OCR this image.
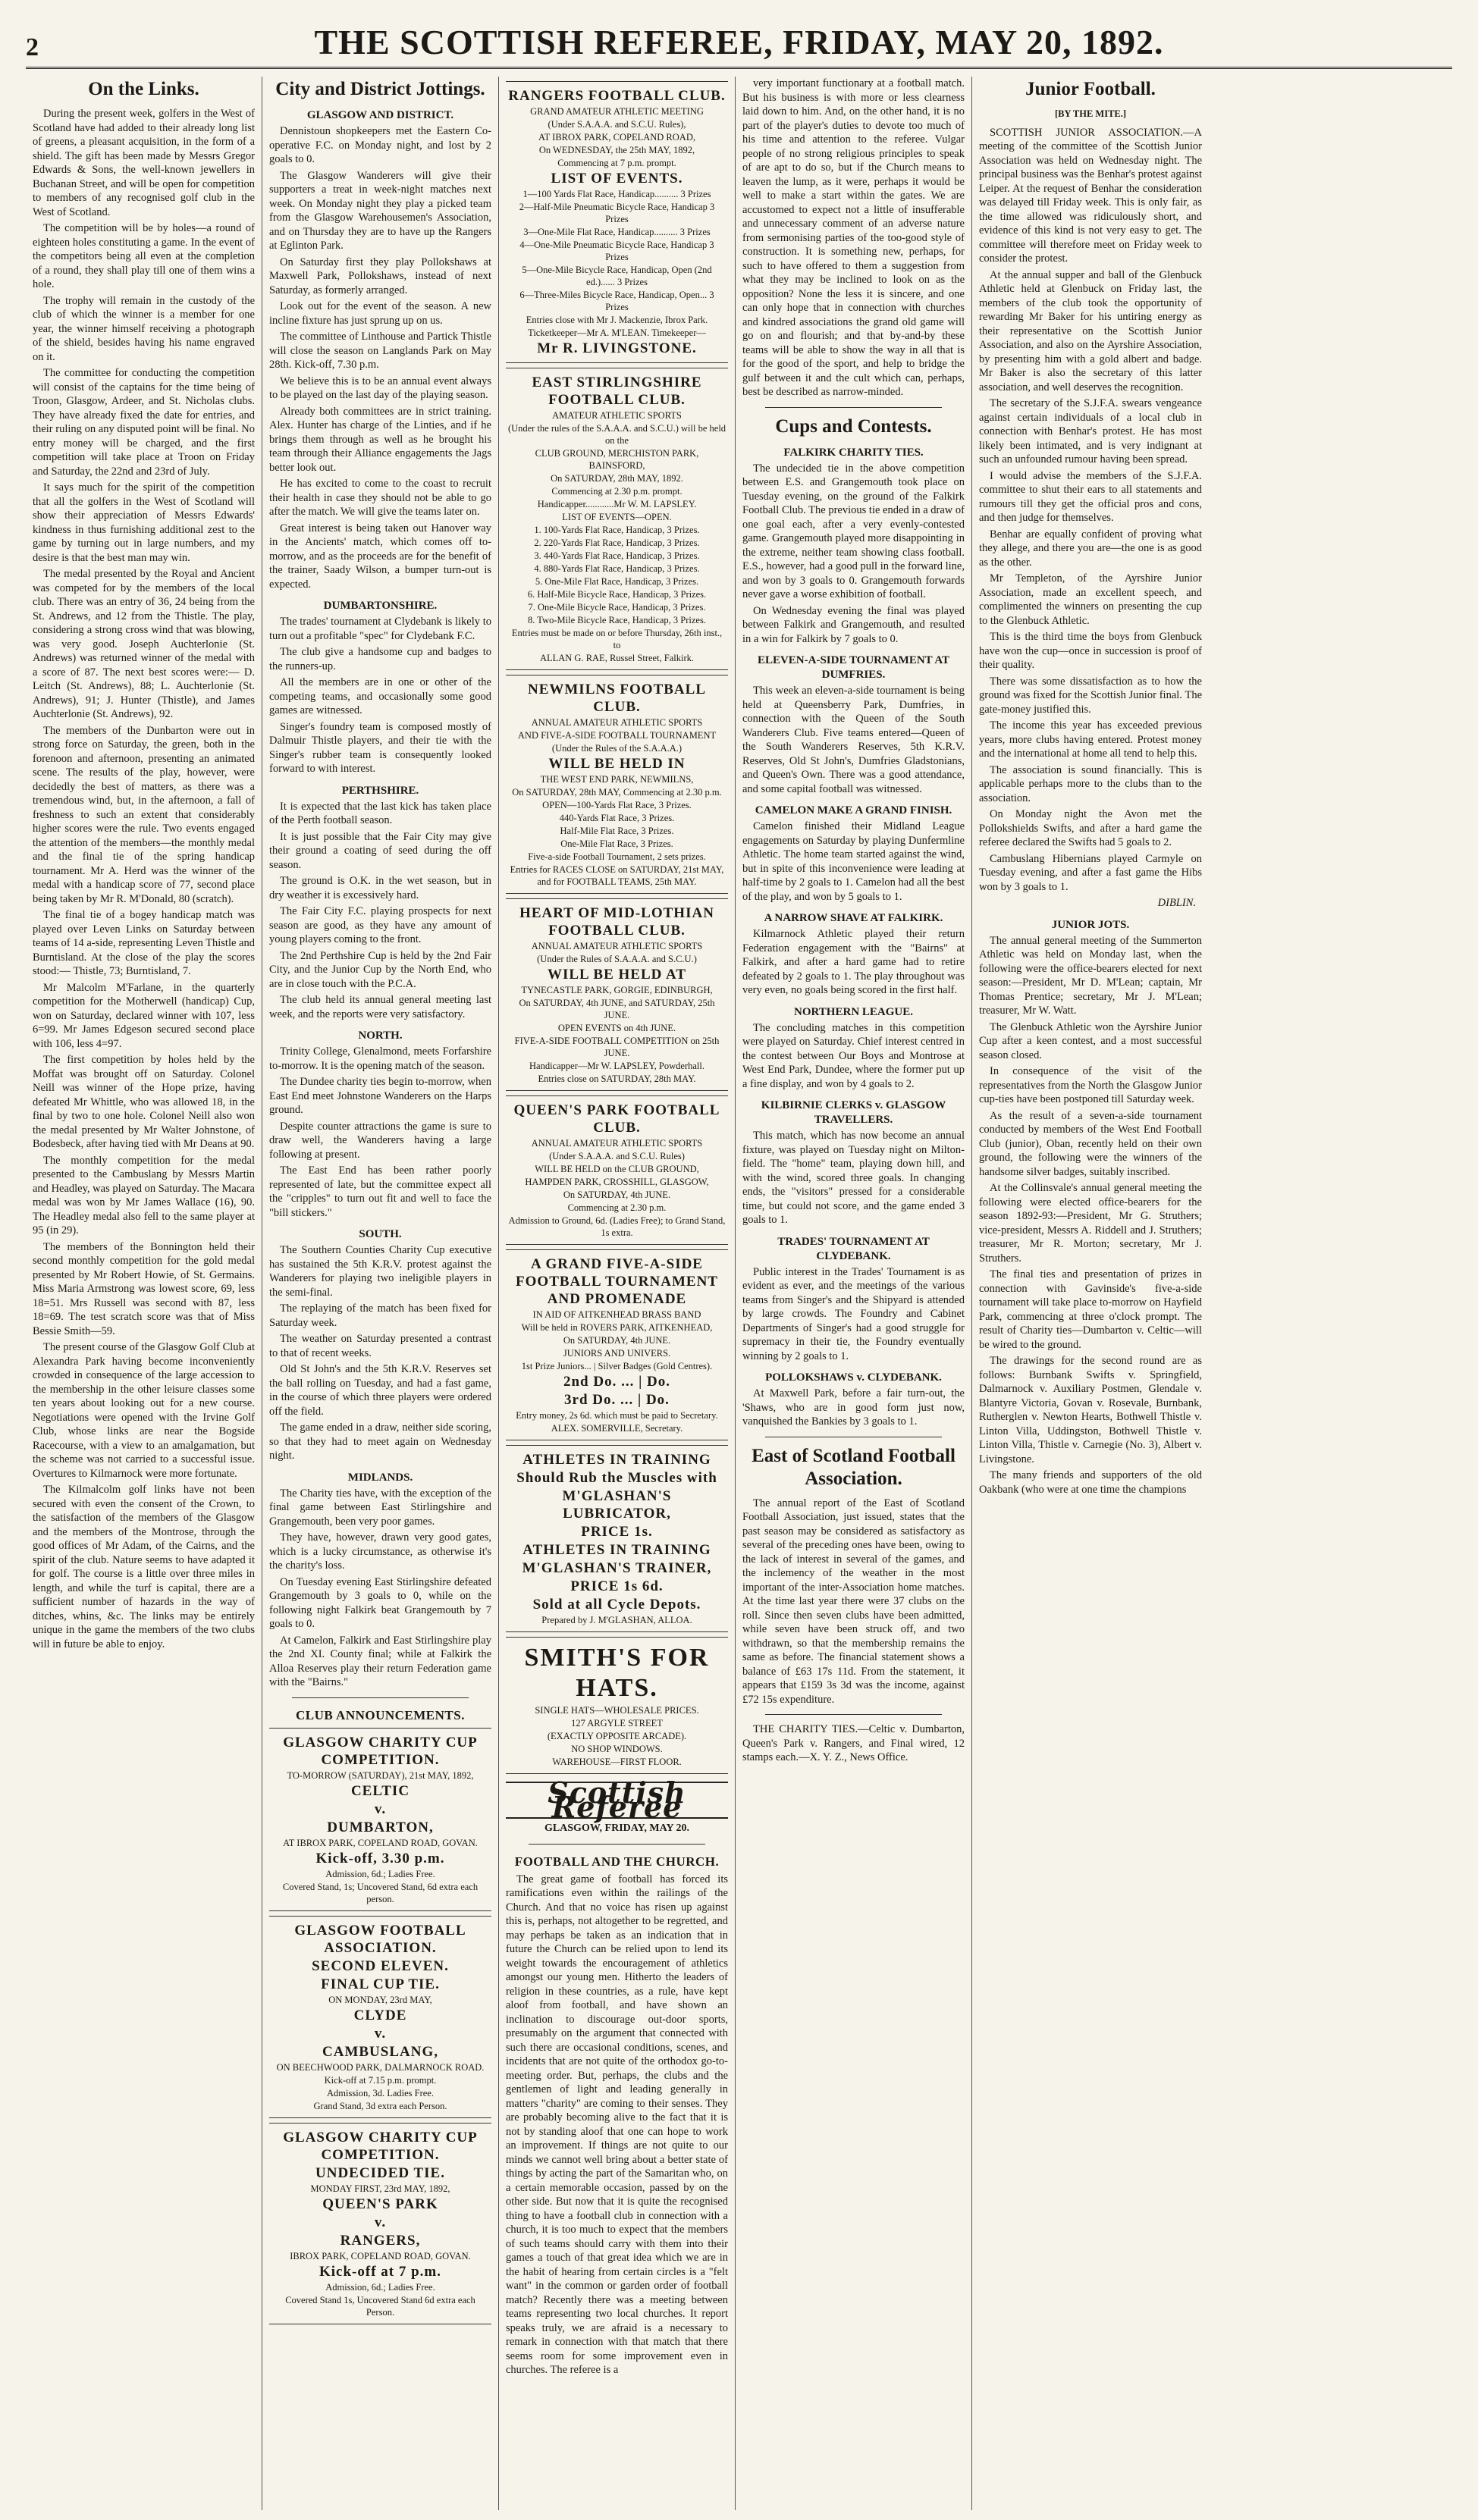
2	THE SCOTTISH REFEREE, FRIDAY, MAY 20, 1892.
On the Links.

During the present week, golfers in the West of Scotland have had added to their already long list of greens, a pleasant acquisition, in the form of a shield. The gift has been made by Messrs Gregor Edwards & Sons, the well-known jewellers in Buchanan Street, and will be open for competition to members of any recognised golf club in the West of Scotland.

The competition will be by holes—a round of eighteen holes constituting a game. In the event of the competitors being all even at the completion of a round, they shall play till one of them wins a hole.

The trophy will remain in the custody of the club of which the winner is a member for one year, the winner himself receiving a photograph of the shield, besides having his name engraved on it.

The committee for conducting the competition will consist of the captains for the time being of Troon, Glasgow, Ardeer, and St. Nicholas clubs. They have already fixed the date for entries, and their ruling on any disputed point will be final. No entry money will be charged, and the first competition will take place at Troon on Friday and Saturday, the 22nd and 23rd of July.

It says much for the spirit of the competition that all the golfers in the West of Scotland will show their appreciation of Messrs Edwards' kindness in thus furnishing additional zest to the game by turning out in large numbers, and my desire is that the best man may win.

The medal presented by the Royal and Ancient was competed for by the members of the local club. There was an entry of 36, 24 being from the St. Andrews, and 12 from the Thistle. The play, considering a strong cross wind that was blowing, was very good. Joseph Auchterlonie (St. Andrews) was returned winner of the medal with a score of 87. The next best scores were:— D. Leitch (St. Andrews), 88; L. Auchterlonie (St. Andrews), 91; J. Hunter (Thistle), and James Auchterlonie (St. Andrews), 92.

The members of the Dunbarton were out in strong force on Saturday, the green, both in the forenoon and afternoon, presenting an animated scene. The results of the play, however, were decidedly the best of matters, as there was a tremendous wind, but, in the afternoon, a fall of freshness to such an extent that considerably higher scores were the rule. Two events engaged the attention of the members—the monthly medal and the final tie of the spring handicap tournament. Mr A. Herd was the winner of the medal with a handicap score of 77, second place being taken by Mr R. M'Donald, 80 (scratch).

The final tie of a bogey handicap match was played over Leven Links on Saturday between teams of 14 a-side, representing Leven Thistle and Burntisland. At the close of the play the scores stood:— Thistle, 73; Burntisland, 7.

Mr Malcolm M'Farlane, in the quarterly competition for the Motherwell (handicap) Cup, won on Saturday, declared winner with 107, less 6=99. Mr James Edgeson secured second place with 106, less 4=97.

The first competition by holes held by the Moffat was brought off on Saturday. Colonel Neill was winner of the Hope prize, having defeated Mr Whittle, who was allowed 18, in the final by two to one hole. Colonel Neill also won the medal presented by Mr Walter Johnstone, of Bodesbeck, after having tied with Mr Deans at 90.

The monthly competition for the medal presented to the Cambuslang by Messrs Martin and Headley, was played on Saturday. The Macara medal was won by Mr James Wallace (16), 90. The Headley medal also fell to the same player at 95 (in 29).

The members of the Bonnington held their second monthly competition for the gold medal presented by Mr Robert Howie, of St. Germains. Miss Maria Armstrong was lowest score, 69, less 18=51. Mrs Russell was second with 87, less 18=69. The test scratch score was that of Miss Bessie Smith—59.

The present course of the Glasgow Golf Club at Alexandra Park having become inconveniently crowded in consequence of the large accession to the membership in the other leisure classes some ten years about looking out for a new course. Negotiations were opened with the Irvine Golf Club, whose links are near the Bogside Racecourse, with a view to an amalgamation, but the scheme was not carried to a successful issue. Overtures to Kilmarnock were more fortunate.

The Kilmalcolm golf links have not been secured with even the consent of the Crown, to the satisfaction of the members of the Glasgow and the members of the Montrose, through the good offices of Mr Adam, of the Cairns, and the spirit of the club. Nature seems to have adapted it for golf. The course is a little over three miles in length, and while the turf is capital, there are a sufficient number of hazards in the way of ditches, whins, &c. The links may be entirely unique in the game the members of the two clubs will in future be able to enjoy.

City and District Jottings.
GLASGOW AND DISTRICT.

Dennistoun shopkeepers met the Eastern Co-operative F.C. on Monday night, and lost by 2 goals to 0.

The Glasgow Wanderers will give their supporters a treat in week-night matches next week. On Monday night they play a picked team from the Glasgow Warehousemen's Association, and on Thursday they are to have up the Rangers at Eglinton Park.

On Saturday first they play Pollokshaws at Maxwell Park, Pollokshaws, instead of next Saturday, as formerly arranged.

Look out for the event of the season. A new incline fixture has just sprung up on us.

The committee of Linthouse and Partick Thistle will close the season on Langlands Park on May 28th. Kick-off, 7.30 p.m.

We believe this is to be an annual event always to be played on the last day of the playing season.

Already both committees are in strict training. Alex. Hunter has charge of the Linties, and if he brings them through as well as he brought his team through their Alliance engagements the Jags better look out.

He has excited to come to the coast to recruit their health in case they should not be able to go after the match. We will give the teams later on.

Great interest is being taken out Hanover way in the Ancients' match, which comes off to-morrow, and as the proceeds are for the benefit of the trainer, Saady Wilson, a bumper turn-out is expected.

DUMBARTONSHIRE.

The trades' tournament at Clydebank is likely to turn out a profitable "spec" for Clydebank F.C.

The club give a handsome cup and badges to the runners-up.

All the members are in one or other of the competing teams, and occasionally some good games are witnessed.

Singer's foundry team is composed mostly of Dalmuir Thistle players, and their tie with the Singer's rubber team is consequently looked forward to with interest.

PERTHSHIRE.

It is expected that the last kick has taken place of the Perth football season.

It is just possible that the Fair City may give their ground a coating of seed during the off season.

The ground is O.K. in the wet season, but in dry weather it is excessively hard.

The Fair City F.C. playing prospects for next season are good, as they have any amount of young players coming to the front.

The 2nd Perthshire Cup is held by the 2nd Fair City, and the Junior Cup by the North End, who are in close touch with the P.C.A.

The club held its annual general meeting last week, and the reports were very satisfactory.

NORTH.

Trinity College, Glenalmond, meets Forfarshire to-morrow. It is the opening match of the season.

The Dundee charity ties begin to-morrow, when East End meet Johnstone Wanderers on the Harps ground.

Despite counter attractions the game is sure to draw well, the Wanderers having a large following at present.

The East End has been rather poorly represented of late, but the committee expect all the "cripples" to turn out fit and well to face the "bill stickers."

SOUTH.

The Southern Counties Charity Cup executive has sustained the 5th K.R.V. protest against the Wanderers for playing two ineligible players in the semi-final.

The replaying of the match has been fixed for Saturday week.

The weather on Saturday presented a contrast to that of recent weeks.

Old St John's and the 5th K.R.V. Reserves set the ball rolling on Tuesday, and had a fast game, in the course of which three players were ordered off the field.

The game ended in a draw, neither side scoring, so that they had to meet again on Wednesday night.

MIDLANDS.

The Charity ties have, with the exception of the final game between East Stirlingshire and Grangemouth, been very poor games.

They have, however, drawn very good gates, which is a lucky circumstance, as otherwise it's the charity's loss.

On Tuesday evening East Stirlingshire defeated Grangemouth by 3 goals to 0, while on the following night Falkirk beat Grangemouth by 7 goals to 0.

At Camelon, Falkirk and East Stirlingshire play the 2nd XI. County final; while at Falkirk the Alloa Reserves play their return Federation game with the "Bairns."

CLUB ANNOUNCEMENTS.

GLASGOW CHARITY CUP COMPETITION.

TO-MORROW (SATURDAY), 21st MAY, 1892,

CELTIC

v.

DUMBARTON,

AT IBROX PARK, COPELAND ROAD, GOVAN.

Kick-off, 3.30 p.m.

Admission, 6d.; Ladies Free.

Covered Stand, 1s; Uncovered Stand, 6d extra each person.

GLASGOW FOOTBALL ASSOCIATION.

SECOND ELEVEN.

FINAL CUP TIE.

ON MONDAY, 23rd MAY,

CLYDE

v.

CAMBUSLANG,

ON BEECHWOOD PARK, DALMARNOCK ROAD.

Kick-off at 7.15 p.m. prompt.

Admission, 3d. Ladies Free.

Grand Stand, 3d extra each Person.

GLASGOW CHARITY CUP COMPETITION.

UNDECIDED TIE.

MONDAY FIRST, 23rd MAY, 1892,

QUEEN'S PARK

v.

RANGERS,

IBROX PARK, COPELAND ROAD, GOVAN.

Kick-off at 7 p.m.

Admission, 6d.; Ladies Free.

Covered Stand 1s, Uncovered Stand 6d extra each Person.

RANGERS FOOTBALL CLUB.

GRAND AMATEUR ATHLETIC MEETING

(Under S.A.A.A. and S.C.U. Rules),

AT IBROX PARK, COPELAND ROAD,

On WEDNESDAY, the 25th MAY, 1892,

Commencing at 7 p.m. prompt.

LIST OF EVENTS.

1—100 Yards Flat Race, Handicap.......... 3 Prizes

2—Half-Mile Pneumatic Bicycle Race, Handicap 3 Prizes

3—One-Mile Flat Race, Handicap.......... 3 Prizes

4—One-Mile Pneumatic Bicycle Race, Handicap 3 Prizes

5—One-Mile Bicycle Race, Handicap, Open (2nd ed.)...... 3 Prizes

6—Three-Miles Bicycle Race, Handicap, Open... 3 Prizes

Entries close with Mr J. Mackenzie, Ibrox Park.

Ticketkeeper—Mr A. M'LEAN. Timekeeper—

Mr R. LIVINGSTONE.

EAST STIRLINGSHIRE FOOTBALL CLUB.

AMATEUR ATHLETIC SPORTS

(Under the rules of the S.A.A.A. and S.C.U.) will be held on the

CLUB GROUND, MERCHISTON PARK, BAINSFORD,

On SATURDAY, 28th MAY, 1892.

Commencing at 2.30 p.m. prompt.

Handicapper............Mr W. M. LAPSLEY.

LIST OF EVENTS—OPEN.

1. 100-Yards Flat Race, Handicap, 3 Prizes.

2. 220-Yards Flat Race, Handicap, 3 Prizes.

3. 440-Yards Flat Race, Handicap, 3 Prizes.

4. 880-Yards Flat Race, Handicap, 3 Prizes.

5. One-Mile Flat Race, Handicap, 3 Prizes.

6. Half-Mile Bicycle Race, Handicap, 3 Prizes.

7. One-Mile Bicycle Race, Handicap, 3 Prizes.

8. Two-Mile Bicycle Race, Handicap, 3 Prizes.

Entries must be made on or before Thursday, 26th inst., to

ALLAN G. RAE, Russel Street, Falkirk.

NEWMILNS FOOTBALL CLUB.

ANNUAL AMATEUR ATHLETIC SPORTS

AND FIVE-A-SIDE FOOTBALL TOURNAMENT

(Under the Rules of the S.A.A.A.)

WILL BE HELD IN

THE WEST END PARK, NEWMILNS,

On SATURDAY, 28th MAY, Commencing at 2.30 p.m.

OPEN—100-Yards Flat Race, 3 Prizes.

440-Yards Flat Race, 3 Prizes.

Half-Mile Flat Race, 3 Prizes.

One-Mile Flat Race, 3 Prizes.

Five-a-side Football Tournament, 2 sets prizes.

Entries for RACES CLOSE on SATURDAY, 21st MAY, and for FOOTBALL TEAMS, 25th MAY.

HEART OF MID-LOTHIAN FOOTBALL CLUB.

ANNUAL AMATEUR ATHLETIC SPORTS

(Under the Rules of S.A.A.A. and S.C.U.)

WILL BE HELD AT

TYNECASTLE PARK, GORGIE, EDINBURGH,

On SATURDAY, 4th JUNE, and SATURDAY, 25th JUNE.

OPEN EVENTS on 4th JUNE.

FIVE-A-SIDE FOOTBALL COMPETITION on 25th JUNE.

Handicapper—Mr W. LAPSLEY, Powderhall.

Entries close on SATURDAY, 28th MAY.

QUEEN'S PARK FOOTBALL CLUB.

ANNUAL AMATEUR ATHLETIC SPORTS

(Under S.A.A.A. and S.C.U. Rules)

WILL BE HELD on the CLUB GROUND,

HAMPDEN PARK, CROSSHILL, GLASGOW,

On SATURDAY, 4th JUNE.

Commencing at 2.30 p.m.

Admission to Ground, 6d. (Ladies Free); to Grand Stand, 1s extra.

A GRAND FIVE-A-SIDE FOOTBALL TOURNAMENT AND PROMENADE

IN AID OF AITKENHEAD BRASS BAND

Will be held in ROVERS PARK, AITKENHEAD,

On SATURDAY, 4th JUNE.

JUNIORS AND UNIVERS.

1st Prize Juniors... | Silver Badges (Gold Centres).

2nd Do. ... | Do.

3rd Do. ... | Do.

Entry money, 2s 6d. which must be paid to Secretary.

ALEX. SOMERVILLE, Secretary.

ATHLETES IN TRAINING

Should Rub the Muscles with

M'GLASHAN'S LUBRICATOR,

PRICE 1s.

ATHLETES IN TRAINING

M'GLASHAN'S TRAINER,

PRICE 1s 6d.

Sold at all Cycle Depots.

Prepared by J. M'GLASHAN, ALLOA.

SMITH'S FOR HATS.

SINGLE HATS—WHOLESALE PRICES.

127 ARGYLE STREET

(EXACTLY OPPOSITE ARCADE).

NO SHOP WINDOWS.

WAREHOUSE—FIRST FLOOR.

Scottish Referee
GLASGOW, FRIDAY, MAY 20.
FOOTBALL AND THE CHURCH.

The great game of football has forced its ramifications even within the railings of the Church. And that no voice has risen up against this is, perhaps, not altogether to be regretted, and may perhaps be taken as an indication that in future the Church can be relied upon to lend its weight towards the encouragement of athletics amongst our young men. Hitherto the leaders of religion in these countries, as a rule, have kept aloof from football, and have shown an inclination to discourage out-door sports, presumably on the argument that connected with such there are occasional conditions, scenes, and incidents that are not quite of the orthodox go-to-meeting order. But, perhaps, the clubs and the gentlemen of light and leading generally in matters "charity" are coming to their senses. They are probably becoming alive to the fact that it is not by standing aloof that one can hope to work an improvement. If things are not quite to our minds we cannot well bring about a better state of things by acting the part of the Samaritan who, on a certain memorable occasion, passed by on the other side. But now that it is quite the recognised thing to have a football club in connection with a church, it is too much to expect that the members of such teams should carry with them into their games a touch of that great idea which we are in the habit of hearing from certain circles is a "felt want" in the common or garden order of football match? Recently there was a meeting between teams representing two local churches. It report speaks truly, we are afraid is a necessary to remark in connection with that match that there seems room for some improvement even in churches. The referee is a

very important functionary at a football match. But his business is with more or less clearness laid down to him. And, on the other hand, it is no part of the player's duties to devote too much of his time and attention to the referee. Vulgar people of no strong religious principles to speak of are apt to do so, but if the Church means to leaven the lump, as it were, perhaps it would be well to make a start within the gates. We are accustomed to expect not a little of insufferable and unnecessary comment of an adverse nature from sermonising parties of the too-good style of construction. It is something new, perhaps, for such to have offered to them a suggestion from what they may be inclined to look on as the opposition? None the less it is sincere, and one can only hope that in connection with churches and kindred associations the grand old game will go on and flourish; and that by-and-by these teams will be able to show the way in all that is for the good of the sport, and help to bridge the gulf between it and the cult which can, perhaps, best be described as narrow-minded.

Cups and Contests.
FALKIRK CHARITY TIES.

The undecided tie in the above competition between E.S. and Grangemouth took place on Tuesday evening, on the ground of the Falkirk Football Club. The previous tie ended in a draw of one goal each, after a very evenly-contested game. Grangemouth played more disappointing in the extreme, neither team showing class football. E.S., however, had a good pull in the forward line, and won by 3 goals to 0. Grangemouth forwards never gave a worse exhibition of football.

On Wednesday evening the final was played between Falkirk and Grangemouth, and resulted in a win for Falkirk by 7 goals to 0.

ELEVEN-A-SIDE TOURNAMENT AT DUMFRIES.

This week an eleven-a-side tournament is being held at Queensberry Park, Dumfries, in connection with the Queen of the South Wanderers Club. Five teams entered—Queen of the South Wanderers Reserves, 5th K.R.V. Reserves, Old St John's, Dumfries Gladstonians, and Queen's Own. There was a good attendance, and some capital football was witnessed.

CAMELON MAKE A GRAND FINISH.

Camelon finished their Midland League engagements on Saturday by playing Dunfermline Athletic. The home team started against the wind, but in spite of this inconvenience were leading at half-time by 2 goals to 1. Camelon had all the best of the play, and won by 5 goals to 1.

A NARROW SHAVE AT FALKIRK.

Kilmarnock Athletic played their return Federation engagement with the "Bairns" at Falkirk, and after a hard game had to retire defeated by 2 goals to 1. The play throughout was very even, no goals being scored in the first half.

NORTHERN LEAGUE.

The concluding matches in this competition were played on Saturday. Chief interest centred in the contest between Our Boys and Montrose at West End Park, Dundee, where the former put up a fine display, and won by 4 goals to 2.

KILBIRNIE CLERKS v. GLASGOW TRAVELLERS.

This match, which has now become an annual fixture, was played on Tuesday night on Milton-field. The "home" team, playing down hill, and with the wind, scored three goals. In changing ends, the "visitors" pressed for a considerable time, but could not score, and the game ended 3 goals to 1.

TRADES' TOURNAMENT AT CLYDEBANK.

Public interest in the Trades' Tournament is as evident as ever, and the meetings of the various teams from Singer's and the Shipyard is attended by large crowds. The Foundry and Cabinet Departments of Singer's had a good struggle for supremacy in their tie, the Foundry eventually winning by 2 goals to 1.

POLLOKSHAWS v. CLYDEBANK.

At Maxwell Park, before a fair turn-out, the 'Shaws, who are in good form just now, vanquished the Bankies by 3 goals to 1.

East of Scotland Football Association.

The annual report of the East of Scotland Football Association, just issued, states that the past season may be considered as satisfactory as several of the preceding ones have been, owing to the lack of interest in several of the games, and the inclemency of the weather in the most important of the inter-Association home matches. At the time last year there were 37 clubs on the roll. Since then seven clubs have been admitted, while seven have been struck off, and two withdrawn, so that the membership remains the same as before. The financial statement shows a balance of £63 17s 11d. From the statement, it appears that £159 3s 3d was the income, against £72 15s expenditure.

THE CHARITY TIES.—Celtic v. Dumbarton, Queen's Park v. Rangers, and Final wired, 12 stamps each.—X. Y. Z., News Office.

Junior Football.
[BY THE MITE.]

SCOTTISH JUNIOR ASSOCIATION.—A meeting of the committee of the Scottish Junior Association was held on Wednesday night. The principal business was the Benhar's protest against Leiper. At the request of Benhar the consideration was delayed till Friday week. This is only fair, as the time allowed was ridiculously short, and evidence of this kind is not very easy to get. The committee will therefore meet on Friday week to consider the protest.

At the annual supper and ball of the Glenbuck Athletic held at Glenbuck on Friday last, the members of the club took the opportunity of rewarding Mr Baker for his untiring energy as their representative on the Scottish Junior Association, and also on the Ayrshire Association, by presenting him with a gold albert and badge. Mr Baker is also the secretary of this latter association, and well deserves the recognition.

The secretary of the S.J.F.A. swears vengeance against certain individuals of a local club in connection with Benhar's protest. He has most likely been intimated, and is very indignant at such an unfounded rumour having been spread.

I would advise the members of the S.J.F.A. committee to shut their ears to all statements and rumours till they get the official pros and cons, and then judge for themselves.

Benhar are equally confident of proving what they allege, and there you are—the one is as good as the other.

Mr Templeton, of the Ayrshire Junior Association, made an excellent speech, and complimented the winners on presenting the cup to the Glenbuck Athletic.

This is the third time the boys from Glenbuck have won the cup—once in succession is proof of their quality.

There was some dissatisfaction as to how the ground was fixed for the Scottish Junior final. The gate-money justified this.

The income this year has exceeded previous years, more clubs having entered. Protest money and the international at home all tend to help this.

The association is sound financially. This is applicable perhaps more to the clubs than to the association.

On Monday night the Avon met the Pollokshields Swifts, and after a hard game the referee declared the Swifts had 5 goals to 2.

Cambuslang Hibernians played Carmyle on Tuesday evening, and after a fast game the Hibs won by 3 goals to 1.

DIBLIN.
JUNIOR JOTS.

The annual general meeting of the Summerton Athletic was held on Monday last, when the following were the office-bearers elected for next season:—President, Mr D. M'Lean; captain, Mr Thomas Prentice; secretary, Mr J. M'Lean; treasurer, Mr W. Watt.

The Glenbuck Athletic won the Ayrshire Junior Cup after a keen contest, and a most successful season closed.

In consequence of the visit of the representatives from the North the Glasgow Junior cup-ties have been postponed till Saturday week.

As the result of a seven-a-side tournament conducted by members of the West End Football Club (junior), Oban, recently held on their own ground, the following were the winners of the handsome silver badges, suitably inscribed.

At the Collinsvale's annual general meeting the following were elected office-bearers for the season 1892-93:—President, Mr G. Struthers; vice-president, Messrs A. Riddell and J. Struthers; treasurer, Mr R. Morton; secretary, Mr J. Struthers.

The final ties and presentation of prizes in connection with Gavinside's five-a-side tournament will take place to-morrow on Hayfield Park, commencing at three o'clock prompt. The result of Charity ties—Dumbarton v. Celtic—will be wired to the ground.

The drawings for the second round are as follows: Burnbank Swifts v. Springfield, Dalmarnock v. Auxiliary Postmen, Glendale v. Blantyre Victoria, Govan v. Rosevale, Burnbank, Rutherglen v. Newton Hearts, Bothwell Thistle v. Linton Villa, Uddingston, Bothwell Thistle v. Linton Villa, Thistle v. Carnegie (No. 3), Albert v. Livingstone.

The many friends and supporters of the old Oakbank (who were at one time the champions
